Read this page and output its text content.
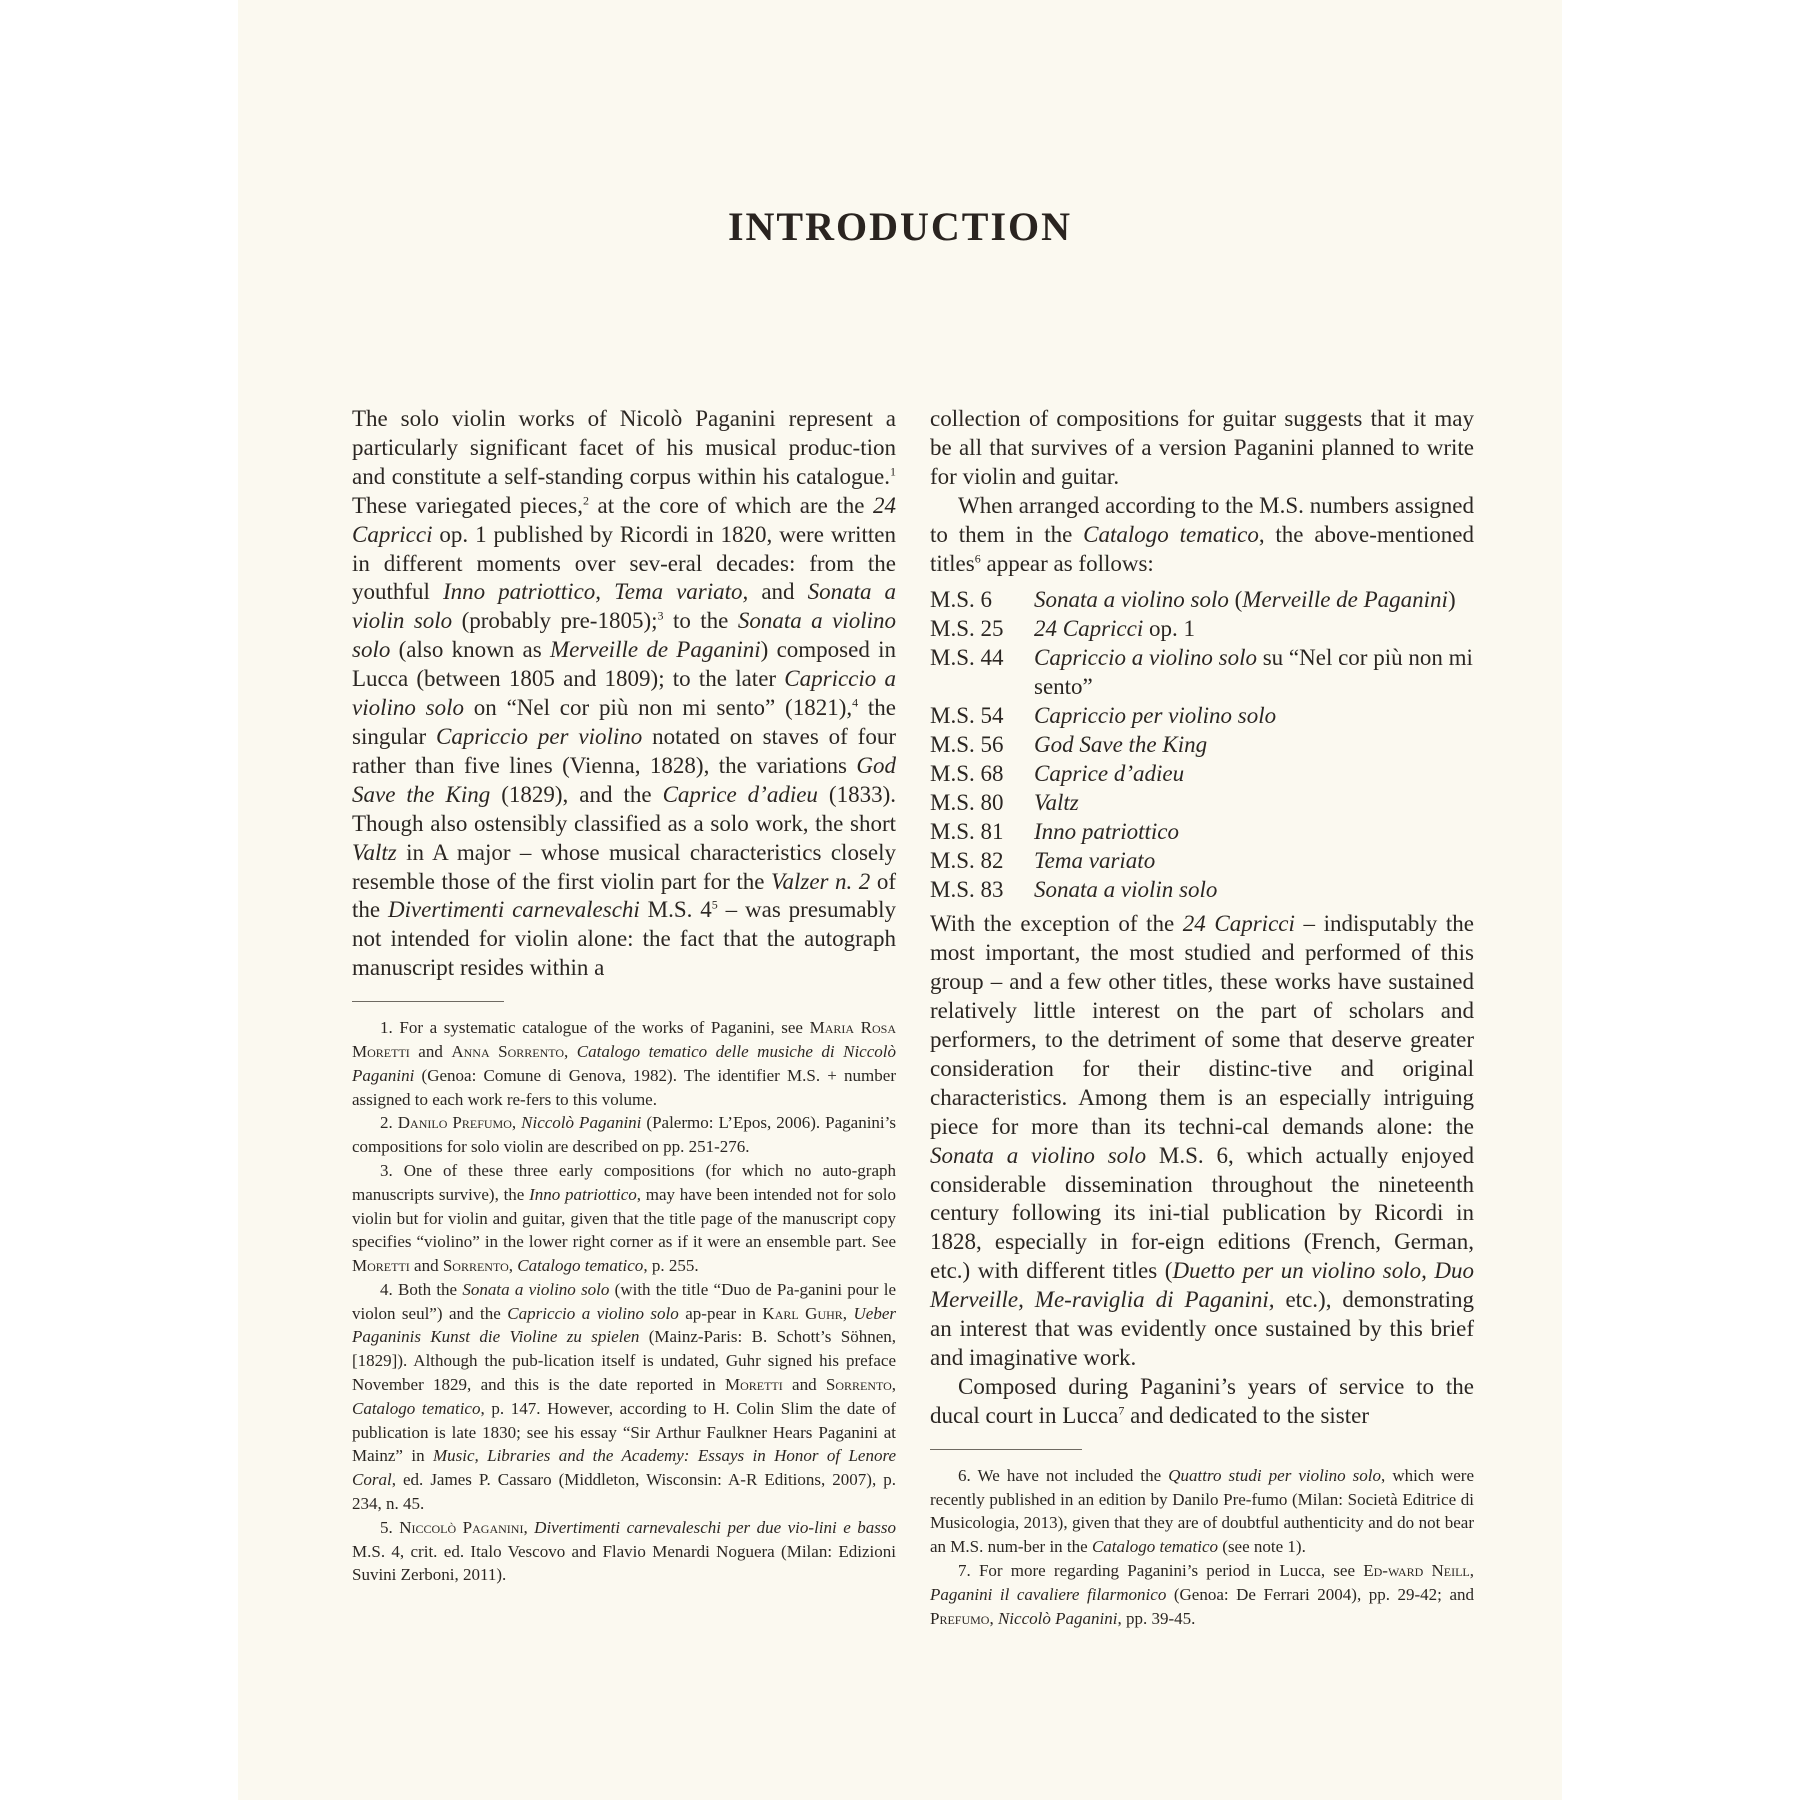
INTRODUCTION

The solo violin works of Nicolò Paganini represent a particularly significant facet of his musical produc-tion and constitute a self-standing corpus within his catalogue.$^1$ These variegated pieces,$^2$ at the core of which are the 24 Capricci op. 1 published by Ricordi in 1820, were written in different moments over sev-eral decades: from the youthful Inno patriottico, Tema variato, and Sonata a violin solo (probably pre-1805);$^3$ to the Sonata a violino solo (also known as Merveille de Paganini) composed in Lucca (between 1805 and 1809); to the later Capriccio a violino solo on “Nel cor più non mi sento” (1821),$^4$ the singular Capriccio per violino notated on staves of four rather than five lines (Vienna, 1828), the variations God Save the King (1829), and the Caprice d’adieu (1833). Though also ostensibly classified as a solo work, the short Valtz in A major – whose musical characteristics closely resemble those of the first violin part for the Valzer n. 2 of the Divertimenti carnevaleschi M.S. $4^5$ – was presumably not intended for violin alone: the fact that the autograph manuscript resides within a

1. For a systematic catalogue of the works of Paganini, see Maria Rosa Moretti and Anna Sorrento, Catalogo tematico delle musiche di Niccolò Paganini (Genoa: Comune di Genova, 1982). The identifier M.S. + number assigned to each work re-fers to this volume.

2. Danilo Prefumo, Niccolò Paganini (Palermo: L’Epos, 2006). Paganini’s compositions for solo violin are described on pp. 251-276.

3. One of these three early compositions (for which no auto-graph manuscripts survive), the Inno patriottico, may have been intended not for solo violin but for violin and guitar, given that the title page of the manuscript copy specifies “violino” in the lower right corner as if it were an ensemble part. See Moretti and Sorrento, Catalogo tematico, p. 255.

4. Both the Sonata a violino solo (with the title “Duo de Pa-ganini pour le violon seul”) and the Capriccio a violino solo ap-pear in Karl Guhr, Ueber Paganinis Kunst die Violine zu spielen (Mainz-Paris: B. Schott’s Söhnen, [1829]). Although the pub-lication itself is undated, Guhr signed his preface November 1829, and this is the date reported in Moretti and Sorrento, Catalogo tematico, p. 147. However, according to H. Colin Slim the date of publication is late 1830; see his essay “Sir Arthur Faulkner Hears Paganini at Mainz” in Music, Libraries and the Academy: Essays in Honor of Lenore Coral, ed. James P. Cassaro (Middleton, Wisconsin: A-R Editions, 2007), p. 234, n. 45.

5. Niccolò Paganini, Divertimenti carnevaleschi per due vio-lini e basso M.S. 4, crit. ed. Italo Vescovo and Flavio Menardi Noguera (Milan: Edizioni Suvini Zerboni, 2011).

collection of compositions for guitar suggests that it may be all that survives of a version Paganini planned to write for violin and guitar.

When arranged according to the M.S. numbers assigned to them in the Catalogo tematico, the above-mentioned titles$^6$ appear as follows:

M.S. 6	Sonata a violino solo (Merveille de Paganini)
M.S. 25	24 Capricci op. 1
M.S. 44	Capriccio a violino solo su “Nel cor più non mi sento”
M.S. 54	Capriccio per violino solo
M.S. 56	God Save the King
M.S. 68	Caprice d’adieu
M.S. 80	Valtz
M.S. 81	Inno patriottico
M.S. 82	Tema variato
M.S. 83	Sonata a violin solo

With the exception of the 24 Capricci – indisputably the most important, the most studied and performed of this group – and a few other titles, these works have sustained relatively little interest on the part of scholars and performers, to the detriment of some that deserve greater consideration for their distinc-tive and original characteristics. Among them is an especially intriguing piece for more than its techni-cal demands alone: the Sonata a violino solo M.S. 6, which actually enjoyed considerable dissemination throughout the nineteenth century following its ini-tial publication by Ricordi in 1828, especially in for-eign editions (French, German, etc.) with different titles (Duetto per un violino solo, Duo Merveille, Me-raviglia di Paganini, etc.), demonstrating an interest that was evidently once sustained by this brief and imaginative work.

Composed during Paganini’s years of service to the ducal court in Lucca$^7$ and dedicated to the sister

6. We have not included the Quattro studi per violino solo, which were recently published in an edition by Danilo Pre-fumo (Milan: Società Editrice di Musicologia, 2013), given that they are of doubtful authenticity and do not bear an M.S. num-ber in the Catalogo tematico (see note 1).

7. For more regarding Paganini’s period in Lucca, see Ed-ward Neill, Paganini il cavaliere filarmonico (Genoa: De Ferrari 2004), pp. 29-42; and Prefumo, Niccolò Paganini, pp. 39-45.
